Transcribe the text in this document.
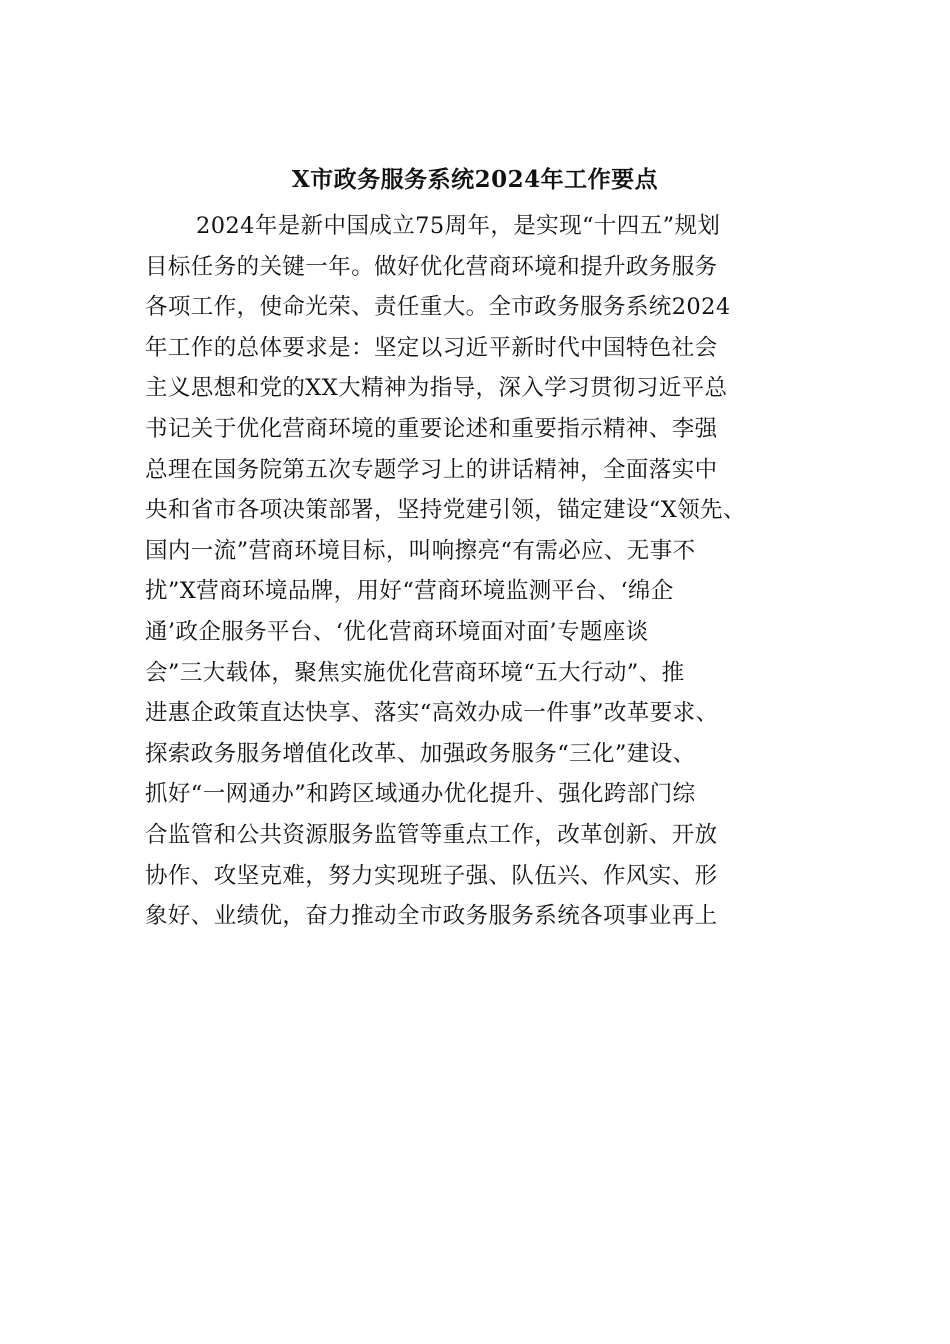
X市政务服务系统2024年工作要点
2024年是新中国成立75周年，是实现“十四五”规划
目标任务的关键一年。做好优化营商环境和提升政务服务
各项工作，使命光荣、责任重大。全市政务服务系统2024
年工作的总体要求是：坚定以习近平新时代中国特色社会
主义思想和党的XX大精神为指导，深入学习贯彻习近平总
书记关于优化营商环境的重要论述和重要指示精神、李强
总理在国务院第五次专题学习上的讲话精神，全面落实中
央和省市各项决策部署，坚持党建引领，锚定建设“X领先、
国内一流”营商环境目标，叫响擦亮“有需必应、无事不
扰”X营商环境品牌，用好“营商环境监测平台、‘绵企
通’政企服务平台、‘优化营商环境面对面’专题座谈
会”三大载体，聚焦实施优化营商环境“五大行动”、推
进惠企政策直达快享、落实“高效办成一件事”改革要求、
探索政务服务增值化改革、加强政务服务“三化”建设、
抓好“一网通办”和跨区域通办优化提升、强化跨部门综
合监管和公共资源服务监管等重点工作，改革创新、开放
协作、攻坚克难，努力实现班子强、队伍兴、作风实、形
象好、业绩优，奋力推动全市政务服务系统各项事业再上
